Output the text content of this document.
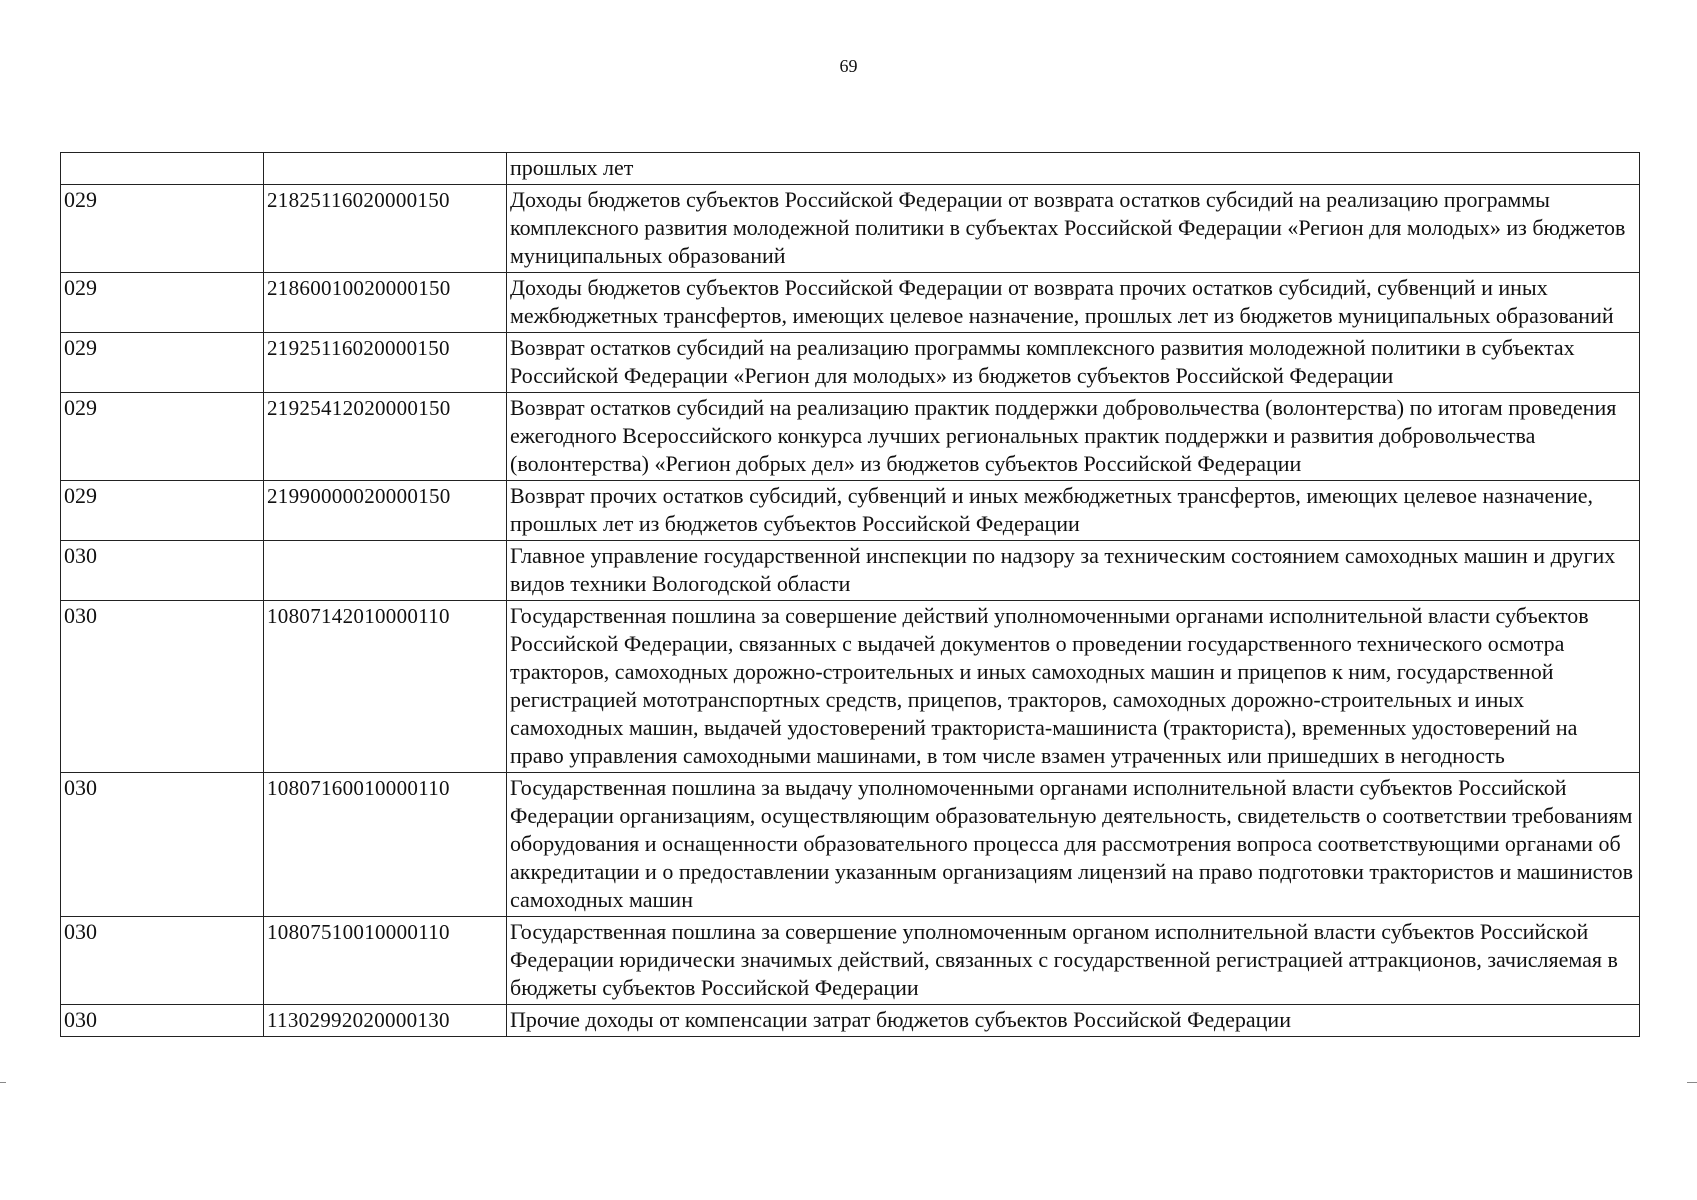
69
		прошлых лет
029	21825116020000150	Доходы бюджетов субъектов Российской Федерации от возврата остатков субсидий на реализацию программы комплексного развития молодежной политики в субъектах Российской Федерации «Регион для молодых» из бюджетов муниципальных образований
029	21860010020000150	Доходы бюджетов субъектов Российской Федерации от возврата прочих остатков субсидий, субвенций и иных межбюджетных трансфертов, имеющих целевое назначение, прошлых лет из бюджетов муниципальных образований
029	21925116020000150	Возврат остатков субсидий на реализацию программы комплексного развития молодежной политики в субъектах Российской Федерации «Регион для молодых» из бюджетов субъектов Российской Федерации
029	21925412020000150	Возврат остатков субсидий на реализацию практик поддержки добровольчества (волонтерства) по итогам проведения ежегодного Всероссийского конкурса лучших региональных практик поддержки и развития добровольчества (волонтерства) «Регион добрых дел» из бюджетов субъектов Российской Федерации
029	21990000020000150	Возврат прочих остатков субсидий, субвенций и иных межбюджетных трансфертов, имеющих целевое назначение, прошлых лет из бюджетов субъектов Российской Федерации
030		Главное управление государственной инспекции по надзору за техническим состоянием самоходных машин и других видов техники Вологодской области
030	10807142010000110	Государственная пошлина за совершение действий уполномоченными органами исполнительной власти субъектов Российской Федерации, связанных с выдачей документов о проведении государственного технического осмотра тракторов, самоходных дорожно-строительных и иных самоходных машин и прицепов к ним, государственной регистрацией мототранспортных средств, прицепов, тракторов, самоходных дорожно-строительных и иных самоходных машин, выдачей удостоверений тракториста-машиниста (тракториста), временных удостоверений на право управления самоходными машинами, в том числе взамен утраченных или пришедших в негодность
030	10807160010000110	Государственная пошлина за выдачу уполномоченными органами исполнительной власти субъектов Российской Федерации организациям, осуществляющим образовательную деятельность, свидетельств о соответствии требованиям оборудования и оснащенности образовательного процесса для рассмотрения вопроса соответствующими органами об аккредитации и о предоставлении указанным организациям лицензий на право подготовки трактористов и машинистов самоходных машин
030	10807510010000110	Государственная пошлина за совершение уполномоченным органом исполнительной власти субъектов Российской Федерации юридически значимых действий, связанных с государственной регистрацией аттракционов, зачисляемая в бюджеты субъектов Российской Федерации
030	11302992020000130	Прочие доходы от компенсации затрат бюджетов субъектов Российской Федерации
